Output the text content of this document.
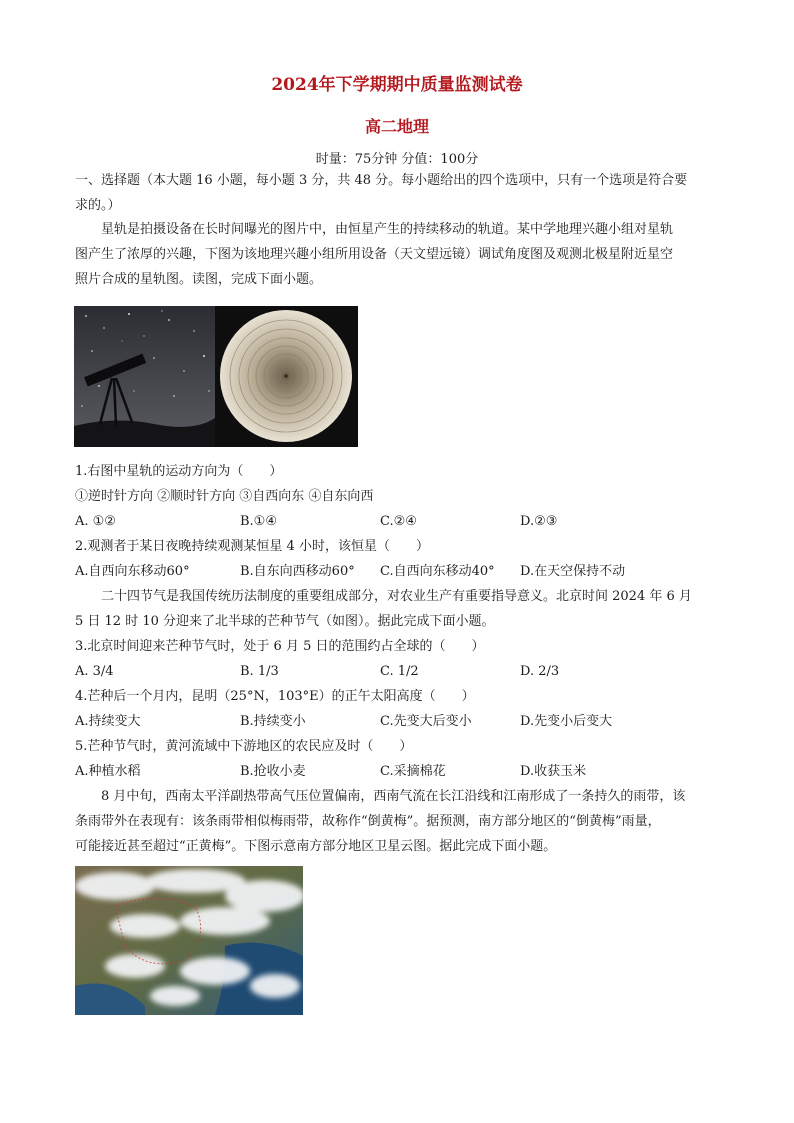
2024年下学期期中质量监测试卷
高二地理
时量：75分钟 分值：100分
一、选择题（本大题 16 小题，每小题 3 分，共 48 分。每小题给出的四个选项中，只有一个选项是符合要
求的。）
星轨是拍摄设备在长时间曝光的图片中，由恒星产生的持续移动的轨道。某中学地理兴趣小组对星轨
图产生了浓厚的兴趣，下图为该地理兴趣小组所用设备（天文望远镜）调试角度图及观测北极星附近星空
照片合成的星轨图。读图，完成下面小题。
1.右图中星轨的运动方向为（　　）
①逆时针方向 ②顺时针方向 ③自西向东 ④自东向西
A. ①②	B.①④	C.②④	D.②③
2.观测者于某日夜晚持续观测某恒星 4 小时，该恒星（　　）
A.自西向东移动60°	B.自东向西移动60° C.自西向东移动40° D.在天空保持不动
二十四节气是我国传统历法制度的重要组成部分，对农业生产有重要指导意义。北京时间 2024 年 6 月
5 日 12 时 10 分迎来了北半球的芒种节气（如图）。据此完成下面小题。
3.北京时间迎来芒种节气时，处于 6 月 5 日的范围约占全球的（　　）
A. 3/4	B. 1/3	C. 1/2	D. 2/3
4.芒种后一个月内，昆明（25°N，103°E）的正午太阳高度（　　）
A.持续变大	B.持续变小	C.先变大后变小	D.先变小后变大
5.芒种节气时，黄河流域中下游地区的农民应及时（　　）
A.种植水稻	B.抢收小麦	C.采摘棉花	D.收获玉米
8 月中旬，西南太平洋副热带高气压位置偏南，西南气流在长江沿线和江南形成了一条持久的雨带，该
条雨带外在表现有：该条雨带相似梅雨带，故称作“倒黄梅”。据预测，南方部分地区的“倒黄梅”雨量，
可能接近甚至超过“正黄梅”。下图示意南方部分地区卫星云图。据此完成下面小题。
